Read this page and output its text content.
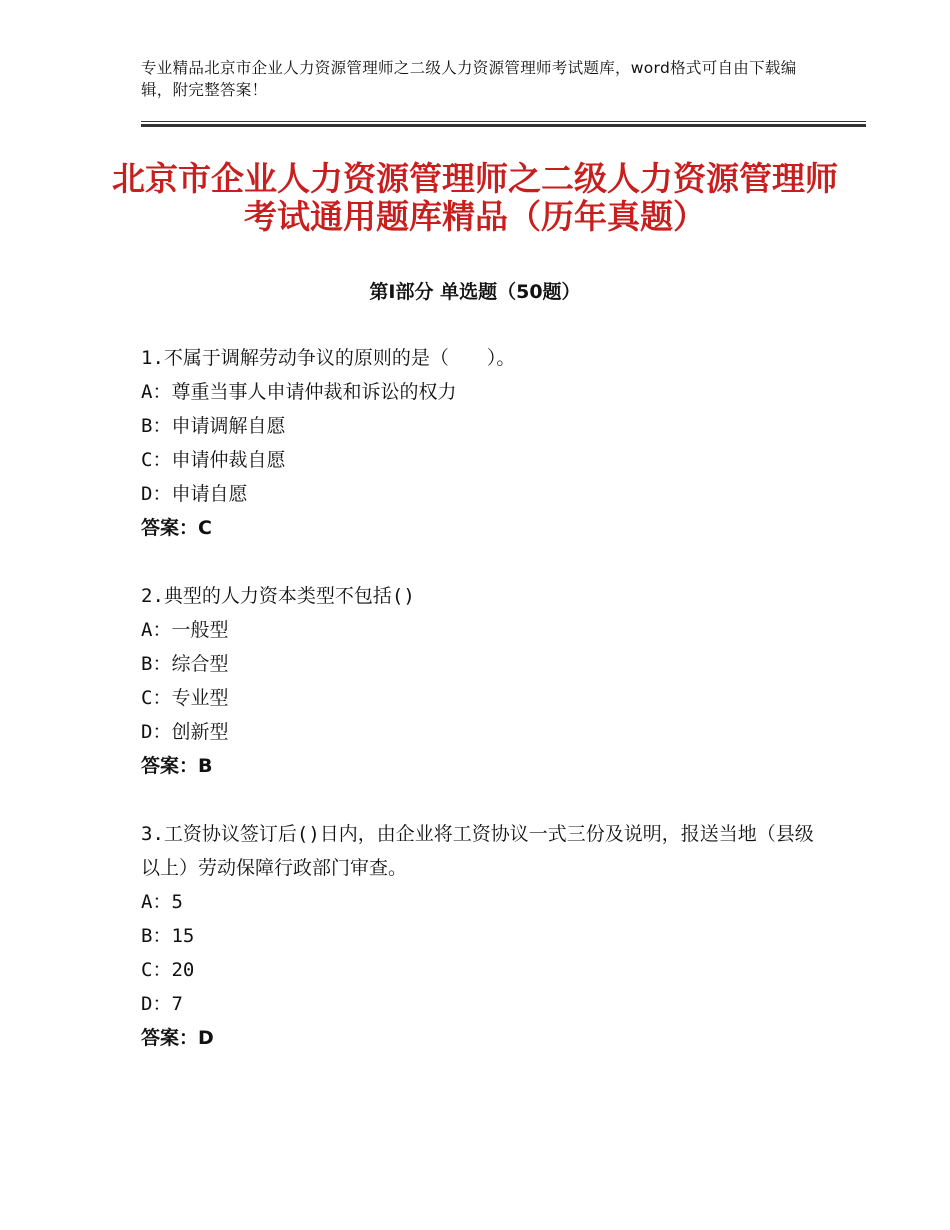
专业精品北京市企业人力资源管理师之二级人力资源管理师考试题库，word格式可自由下载编辑，附完整答案！
北京市企业人力资源管理师之二级人力资源管理师考试通用题库精品（历年真题）
第Ⅰ部分 单选题（50题）

1.不属于调解劳动争议的原则的是（　　）。

A：尊重当事人申请仲裁和诉讼的权力

B：申请调解自愿

C：申请仲裁自愿

D：申请自愿

答案：C

2.典型的人力资本类型不包括()

A：一般型

B：综合型

C：专业型

D：创新型

答案：B

3.工资协议签订后()日内，由企业将工资协议一式三份及说明，报送当地（县级以上）劳动保障行政部门审查。

A：5

B：15

C：20

D：7

答案：D
